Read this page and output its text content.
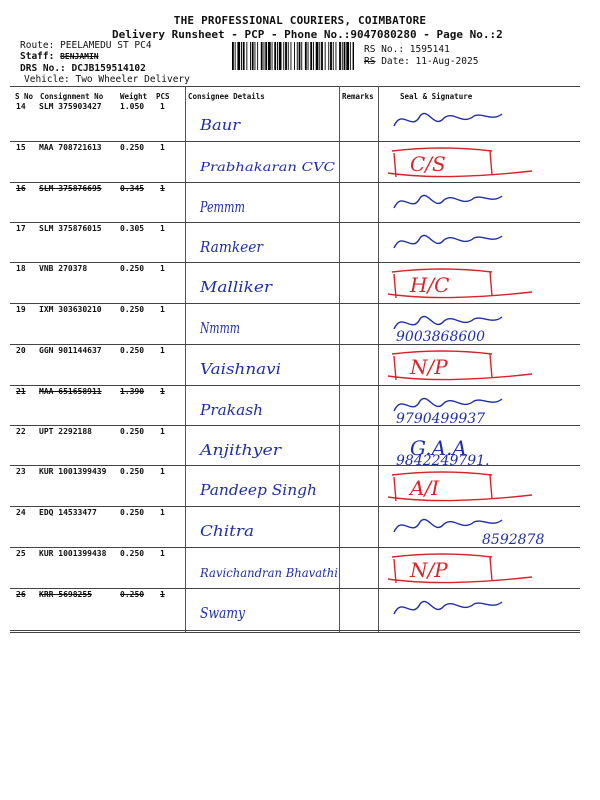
THE PROFESSIONAL COURIERS, COIMBATORE
Delivery Runsheet - PCP - Phone No.:9047080280 - Page No.:2
Route: PEELAMEDU ST PC4
Staff: BENJAMIN
DRS No.: DCJB159514102
Vehicle: Two Wheeler Delivery
RS No.: 1595141
RS Date: 11-Aug-2025
S No Consignment No Weight PCS Consignee Details	Remarks	Seal & Signature
14 SLM 375903427 1.050 1
Baur
15 MAA 708721613 0.250 1
Prabhakaran CVC	C/S
16 SLM 375876695 0.345 1
Pemmm
17 SLM 375876015 0.305 1
Ramkeer
18 VNB 270378	0.250 1
Malliker	H/C
19 IXM 303630210 0.250 1
Nmmm	9003868600
20 GGN 901144637 0.250 1
Vaishnavi	N/P
21 MAA 651658911 1.390 1
Prakash	9790499937
22 UPT 2292188	0.250 1
Anjithyer	G.A.A
9842249791.
23 KUR 1001399439 0.250 1
Pandeep Singh	A/I
24 EDQ 14533477	0.250 1
Chitra	8592878
25 KUR 1001399438 0.250 1
Ravichandran Bhavathi	N/P
26 KRR 5698255	0.250 1
Swamy
